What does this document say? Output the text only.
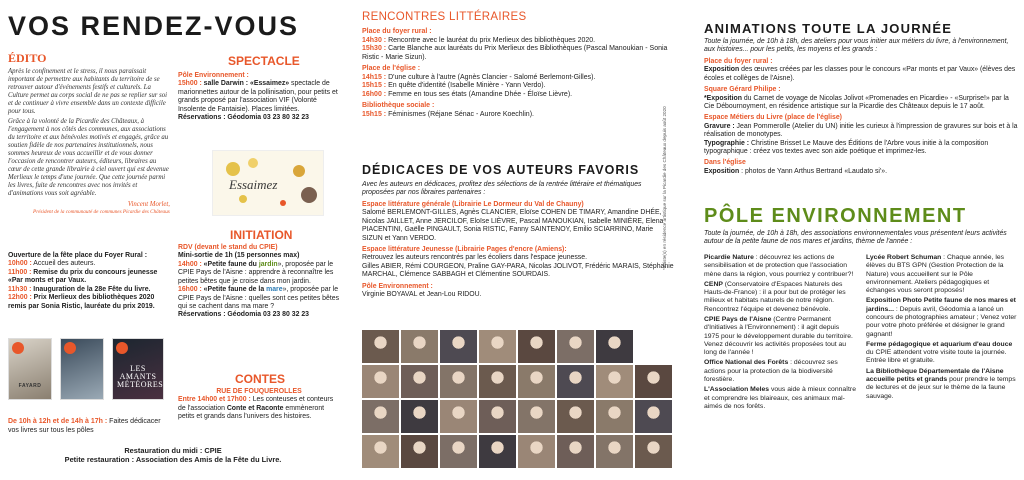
VOS RENDEZ-VOUS
ÉDITO

Après le confinement et le stress, il nous paraissait important de permettre aux habitants du territoire de se retrouver autour d'événements festifs et culturels. La Culture permet au corps social de ne pas se replier sur soi et de continuer à vivre ensemble dans un contexte difficile pour tous.

Grâce à la volonté de la Picardie des Châteaux, à l'engagement à nos côtés des communes, aux associations du territoire et aux bénévoles motivés et engagés, grâce au soutien fidèle de nos partenaires institutionnels, nous sommes heureux de vous accueillir et de vous donner l'occasion de rencontrer auteurs, éditeurs, libraires au cœur de cette grande librairie à ciel ouvert qui est devenue Merlieux le temps d'une journée. Que cette journée parmi les livres, fuite de rencontres avec nos invités et d'animations vous soit agréable.

Vincent Morlet,
Président de la communauté de communes Picardie des Châteaux
Ouverture de la fête place du Foyer Rural :
10h00 : Accueil des auteurs.
11h00 : Remise du prix du concours jeunesse «Par monts et par Vaux.
11h30 : Inauguration de la 28e Fête du livre.
12h00 : Prix Merlieux des bibliothèques 2020 remis par Sonia Ristic, lauréate du prix 2019.
FAYARD
LES AMANTS MÉTÉORES
De 10h à 12h et de 14h à 17h : Faites dédicacer vos livres sur tous les pôles
SPECTACLE
Pôle Environnement :
15h00 : salle Darwin : «Essaimez» spectacle de marionnettes autour de la pollinisation, pour petits et grands proposé par l'association VIF (Volonté Insolente de Fantaisie). Places limitées.
Réservations : Géodomia 03 23 80 32 23
Essaimez
INITIATION
RDV (devant le stand du CPIE)
Mini-sortie de 1h (15 personnes max)
14h00 : «Petite faune du jardin», proposée par le CPIE Pays de l'Aisne : apprendre à reconnaître les petites bêtes que je croise dans mon jardin.
16h00 : «Petite faune de la mare», proposée par le CPIE Pays de l'Aisne : quelles sont ces petites bêtes qui se cachent dans ma mare ?
Réservations : Géodomia 03 23 80 32 23
CONTES
RUE DE FOUQUEROLLES
Entre 14h00 et 17h00 : Les conteuses et conteurs de l'association Conte et Raconte emmèneront petits et grands dans l'univers des histoires.
Restauration du midi : CPIE
Petite restauration : Association des Amis de la Fête du Livre.
RENCONTRES LITTÉRAIRES
Place du foyer rural :
14h30 : Rencontre avec le lauréat du prix Merlieux des bibliothèques 2020.
15h30 : Carte Blanche aux lauréats du Prix Merlieux des Bibliothèques (Pascal Manoukian - Sonia Ristic - Marie Sizun).
Place de l'église :
14h15 : D'une culture à l'autre (Agnès Clancier - Salomé Berlemont-Gilles).
15h15 : En quête d'identité (Isabelle Minière - Yann Verdo).
16h00 : Femme en tous ses états (Amandine Dhée - Éloïse Lièvre).
Bibliothèque sociale :
15h15 : Féminismes (Réjane Sénac - Aurore Koechlin).
DÉDICACES DE VOS AUTEURS FAVORIS
Avec les auteurs en dédicaces, profitez des sélections de la rentrée littéraire et thématiques proposées par nos libraires partenaires :
Espace littérature générale (Librairie Le Dormeur du Val de Chauny)
Salomé BERLEMONT-GILLES, Agnès CLANCIER, Eloïse COHEN DE TIMARY, Amandine DHÉE, Nicolas JAILLET, Anne JERCILOF, Eloïse LIÈVRE, Pascal MANOUKIAN, Isabelle MINIÈRE, Elena PIACENTINI, Gaëlle PINGAULT, Sonia RISTIC, Fanny SAINTENOY, Emilio SCIARRINO, Marie SIZUN et Yann VERDO.
Espace littérature Jeunesse (Librairie Pages d'encre (Amiens):
Retrouvez les auteurs rencontrés par les écoliers dans l'espace jeunesse.
Gilles ABIER, Rémi COURGEON, Praline GAY-PARA, Nicolas JOLIVOT, Frédéric MARAIS, Stéphanie MARCHAL, Clémence SABBAGH et Clémentine SOURDAIS.
Pôle Environnement :
Virginie BOYAVAL et Jean-Lou RIDOU.
*artiste(s) en résidence artistique sur la Picardie des Châteaux depuis août 2020
ANIMATIONS TOUTE LA JOURNÉE
Toute la journée, de 10h à 18h, des ateliers pour vous initier aux métiers du livre, à l'environnement, aux histoires... pour les petits, les moyens et les grands :
Place du foyer rural :
Exposition des œuvres créées par les classes pour le concours «Par monts et par Vaux» (élèves des écoles et collèges de l'Aisne).
Square Gérard Philipe :
*Exposition du Carnet de voyage de Nicolas Jolivot «Promenades en Picardie» - «Surprise!» par la Cie Débournoyment, en résidence artistique sur la Picardie des Châteaux depuis le 17 août.
Espace Métiers du Livre (place de l'église)
Gravure : Jean Pommerolle (Atelier du UN) initie les curieux à l'impression de gravures sur bois et à la réalisation de monotypes.
Typographie : Christine Brisset Le Mauve des Éditions de l'Arbre vous initie à la composition typographique : créez vos textes avec son aide poétique et imprimez-les.
Dans l'église
Exposition : photos de Yann Arthus Bertrand «Laudato si'».
PÔLE ENVIRONNEMENT
Toute la journée, de 10h à 18h, des associations environnementales vous présentent leurs activités autour de la petite faune de nos mares et jardins, thème de l'année :

Picardie Nature : découvrez les actions de sensibilisation et de protection que l'association mène dans la région, vous pourriez y contribuer?!

CENP (Conservatoire d'Espaces Naturels des Hauts-de-France) : il a pour but de protéger les milieux et habitats naturels de notre région. Rencontrez l'équipe et devenez bénévole.

CPIE Pays de l'Aisne (Centre Permanent d'Initiatives à l'Environnement) : il agit depuis 1975 pour le développement durable du territoire. Venez découvrir les activités proposées tout au long de l'année !

Office National des Forêts : découvrez ses actions pour la protection de la biodiversité forestière.

L'Association Meles vous aide à mieux connaître et comprendre les blaireaux, ces animaux mal-aimés de nos forêts.

Lycée Robert Schuman : Chaque année, les élèves du BTS GPN (Gestion Protection de la Nature) vous accueillent sur le Pôle environnement. Ateliers pédagogiques et échanges vous seront proposés!

Exposition Photo Petite faune de nos mares et jardins... : Depuis avril, Géodomia a lancé un concours de photographies amateur ; Venez voter pour votre photo préférée et désigner le grand gagnant!

Ferme pédagogique et aquarium d'eau douce du CPIE attendent votre visite toute la journée. Entrée libre et gratuite.

La Bibliothèque Départementale de l'Aisne accueille petits et grands pour prendre le temps de lectures et de jeux sur le thème de la faune sauvage.
